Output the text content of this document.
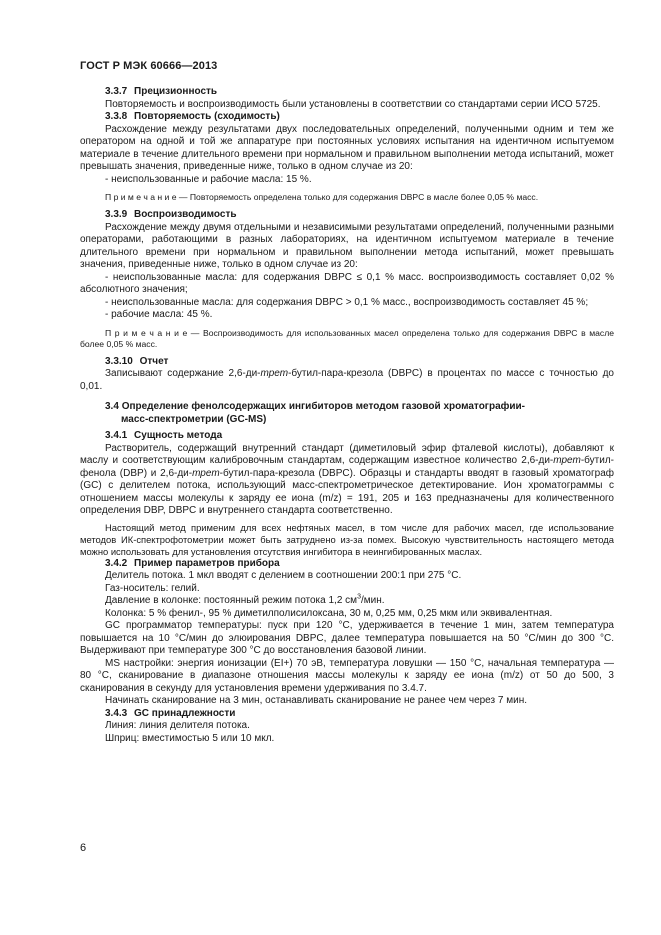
ГОСТ Р МЭК 60666—2013

3.3.7 Прецизионность

Повторяемость и воспроизводимость были установлены в соответствии со стандартами серии ИСО 5725.

3.3.8 Повторяемость (сходимость)

Расхождение между результатами двух последовательных определений, полученными одним и тем же оператором на одной и той же аппаратуре при постоянных условиях испытания на идентичном испытуемом материале в течение длительного времени при нормальном и правильном выполнении метода испытаний, может превышать значения, приведенные ниже, только в одном случае из 20:

- неиспользованные и рабочие масла: 15 %.

П р и м е ч а н и е — Повторяемость определена только для содержания DBPC в масле более 0,05 % масс.

3.3.9 Воспроизводимость

Расхождение между двумя отдельными и независимыми результатами определений, полученными разными операторами, работающими в разных лабораториях, на идентичном испытуемом материале в течение длительного времени при нормальном и правильном выполнении метода испытаний, может превышать значения, приведенные ниже, только в одном случае из 20:

- неиспользованные масла: для содержания DBPC ≤ 0,1 % масс. воспроизводимость составляет 0,02 % абсолютного значения;

- неиспользованные масла: для содержания DBPC > 0,1 % масс., воспроизводимость составляет 45 %;

- рабочие масла: 45 %.

П р и м е ч а н и е — Воспроизводимость для использованных масел определена только для содержания DBPC в масле более 0,05 % масс.

3.3.10 Отчет

Записывают содержание 2,6-ди-трет-бутил-пара-крезола (DBPC) в процентах по массе с точностью до 0,01.

3.4 Определение фенолсодержащих ингибиторов методом газовой хроматографии-
масс-спектрометрии (GC-MS)

3.4.1 Сущность метода

Растворитель, содержащий внутренний стандарт (диметиловый эфир фталевой кислоты), добавляют к маслу и соответствующим калибровочным стандартам, содержащим известное количество 2,6-ди-трет-бутил-фенола (DBP) и 2,6-ди-трет-бутил-пара-крезола (DBPC). Образцы и стандарты вводят в газовый хроматограф (GC) с делителем потока, использующий масс-спектрометрическое детектирование. Ион хроматограммы с отношением массы молекулы к заряду ее иона (m/z) = 191, 205 и 163 предназначены для количественного определения DBP, DBPC и внутреннего стандарта соответственно.

Настоящий метод применим для всех нефтяных масел, в том числе для рабочих масел, где использование методов ИК-спектрофотометрии может быть затруднено из-за помех. Высокую чувствительность настоящего метода можно использовать для установления отсутствия ингибитора в неингибированных маслах.

3.4.2 Пример параметров прибора

Делитель потока. 1 мкл вводят с делением в соотношении 200:1 при 275 °С.

Газ-носитель: гелий.

Давление в колонке: постоянный режим потока 1,2 $см^3$/мин.

Колонка: 5 % фенил-, 95 % диметилполисилоксана, 30 м, 0,25 мм, 0,25 мкм или эквивалентная.

GC программатор температуры: пуск при 120 °С, удерживается в течение 1 мин, затем температура повышается на 10 °С/мин до элюирования DBPC, далее температура повышается на 50 °С/мин до 300 °С. Выдерживают при температуре 300 °С до восстановления базовой линии.

MS настройки: энергия ионизации (EI+) 70 эВ, температура ловушки — 150 °С, начальная температура — 80 °С, сканирование в диапазоне отношения массы молекулы к заряду ее иона (m/z) от 50 до 500, 3 сканирования в секунду для установления времени удерживания по 3.4.7.

Начинать сканирование на 3 мин, останавливать сканирование не ранее чем через 7 мин.

3.4.3 GC принадлежности

Линия: линия делителя потока.

Шприц: вместимостью 5 или 10 мкл.

6
